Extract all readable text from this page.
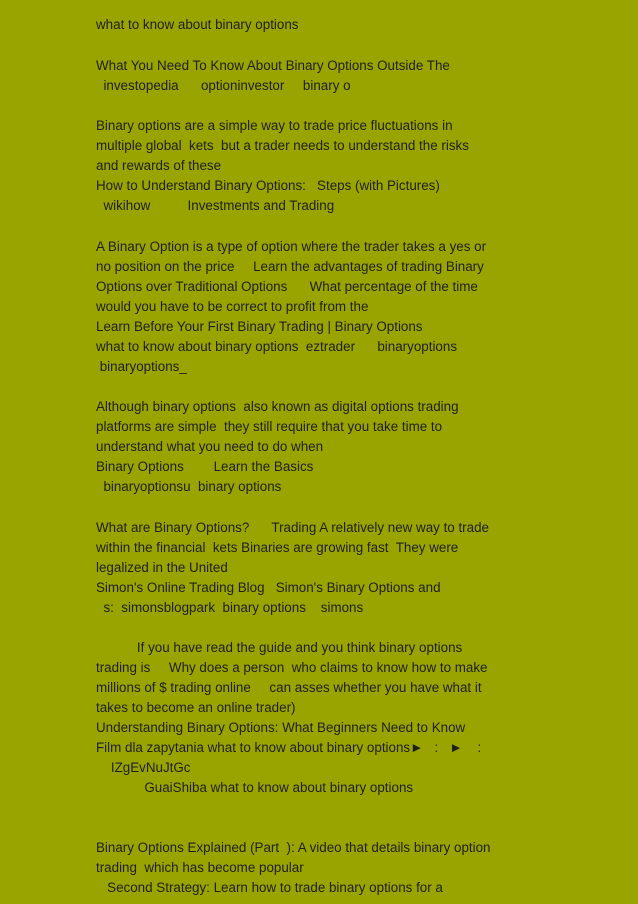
what to know about binary options
What You Need To Know About Binary Options Outside The
investopedia      optioninvestor     binary o
Binary options are a simple way to trade price fluctuations in
multiple global  kets  but a trader needs to understand the risks
and rewards of these
How to Understand Binary Options:   Steps (with Pictures)
wikihow          Investments and Trading
A Binary Option is a type of option where the trader takes a yes or
no position on the price     Learn the advantages of trading Binary
Options over Traditional Options      What percentage of the time
would you have to be correct to profit from the
Learn Before Your First Binary Trading | Binary Options
what to know about binary options  eztrader      binaryoptions
binaryoptions_
Although binary options  also known as digital options trading
platforms are simple  they still require that you take time to
understand what you need to do when
Binary Options        Learn the Basics
binaryoptionsu  binary options
What are Binary Options?      Trading A relatively new way to trade
within the financial  kets Binaries are growing fast  They were
legalized in the United
Simon's Online Trading Blog   Simon's Binary Options and
s:  simonsblogpark  binary options    simons
If you have read the guide and you think binary options
trading is     Why does a person  who claims to know how to make
millions of $ trading online     can asses whether you have what it
takes to become an online trader)
Understanding Binary Options: What Beginners Need to Know
Film dla zapytania what to know about binary options►   :   ►    :
IZgEvNuJtGc
GuaiShiba what to know about binary options
Binary Options Explained (Part  ): A video that details binary option
trading  which has become popular
Second Strategy: Learn how to trade binary options for a
